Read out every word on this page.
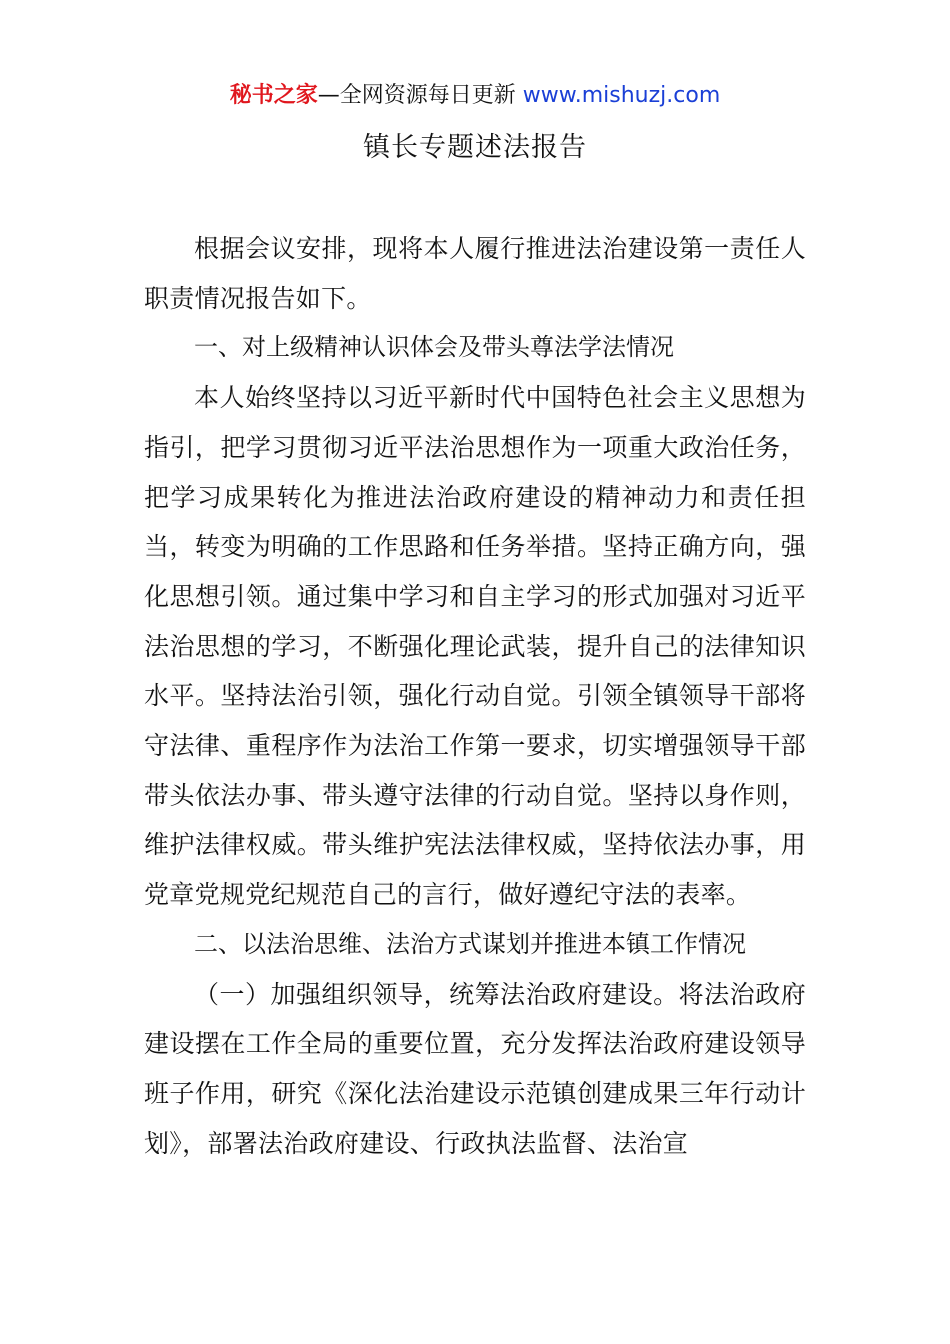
秘书之家—全网资源每日更新 www.mishuzj.com
镇长专题述法报告

根据会议安排，现将本人履行推进法治建设第一责任人职责情况报告如下。

一、对上级精神认识体会及带头尊法学法情况

本人始终坚持以习近平新时代中国特色社会主义思想为指引，把学习贯彻习近平法治思想作为一项重大政治任务，把学习成果转化为推进法治政府建设的精神动力和责任担当，转变为明确的工作思路和任务举措。坚持正确方向，强化思想引领。通过集中学习和自主学习的形式加强对习近平法治思想的学习，不断强化理论武装，提升自己的法律知识水平。坚持法治引领，强化行动自觉。引领全镇领导干部将守法律、重程序作为法治工作第一要求，切实增强领导干部带头依法办事、带头遵守法律的行动自觉。坚持以身作则，维护法律权威。带头维护宪法法律权威，坚持依法办事，用党章党规党纪规范自己的言行，做好遵纪守法的表率。

二、以法治思维、法治方式谋划并推进本镇工作情况

（一）加强组织领导，统筹法治政府建设。将法治政府建设摆在工作全局的重要位置，充分发挥法治政府建设领导班子作用，研究《深化法治建设示范镇创建成果三年行动计划》，部署法治政府建设、行政执法监督、法治宣
